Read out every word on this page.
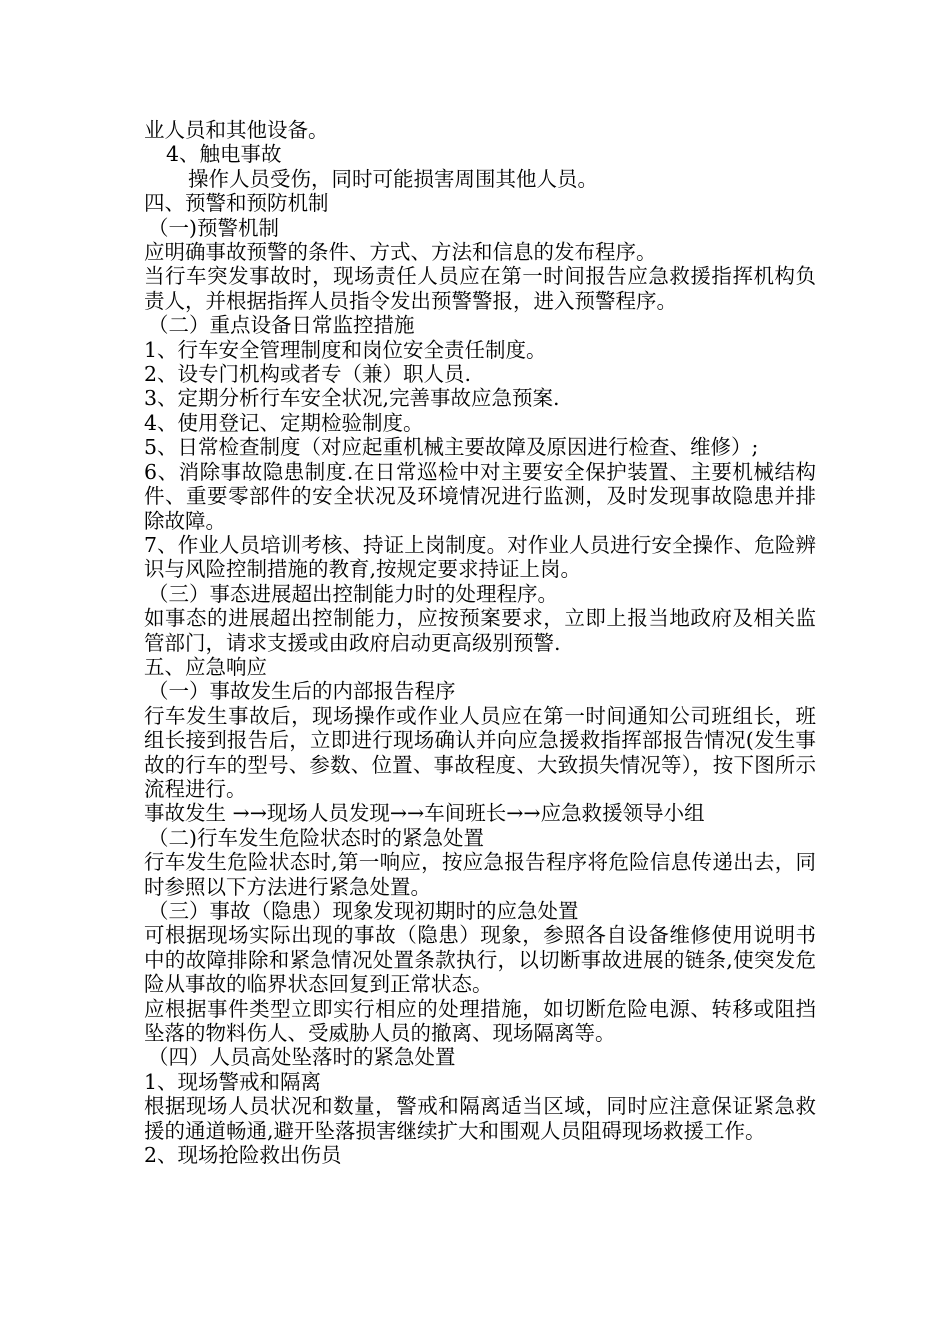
业人员和其他设备。

4、触电事故

操作人员受伤，同时可能损害周围其他人员。

四、预警和预防机制

（一)预警机制

应明确事故预警的条件、方式、方法和信息的发布程序。

当行车突发事故时，现场责任人员应在第一时间报告应急救援指挥机构负责人，并根据指挥人员指令发出预警警报，进入预警程序。

（二）重点设备日常监控措施

1、行车安全管理制度和岗位安全责任制度。

2、设专门机构或者专（兼）职人员.

3、定期分析行车安全状况,完善事故应急预案.

4、使用登记、定期检验制度。

5、日常检查制度（对应起重机械主要故障及原因进行检查、维修）;

6、消除事故隐患制度.在日常巡检中对主要安全保护装置、主要机械结构件、重要零部件的安全状况及环境情况进行监测，及时发现事故隐患并排除故障。

7、作业人员培训考核、持证上岗制度。对作业人员进行安全操作、危险辨识与风险控制措施的教育,按规定要求持证上岗。

（三）事态进展超出控制能力时的处理程序。

如事态的进展超出控制能力，应按预案要求，立即上报当地政府及相关监管部门，请求支援或由政府启动更高级别预警.

五、应急响应

（一）事故发生后的内部报告程序

行车发生事故后，现场操作或作业人员应在第一时间通知公司班组长，班组长接到报告后，立即进行现场确认并向应急援救指挥部报告情况(发生事故的行车的型号、参数、位置、事故程度、大致损失情况等），按下图所示流程进行。

事故发生 →→现场人员发现→→车间班长→→应急救援领导小组

（二)行车发生危险状态时的紧急处置

行车发生危险状态时,第一响应，按应急报告程序将危险信息传递出去，同时参照以下方法进行紧急处置。

（三）事故（隐患）现象发现初期时的应急处置

可根据现场实际出现的事故（隐患）现象，参照各自设备维修使用说明书中的故障排除和紧急情况处置条款执行，以切断事故进展的链条,使突发危险从事故的临界状态回复到正常状态。

应根据事件类型立即实行相应的处理措施，如切断危险电源、转移或阻挡坠落的物料伤人、受威胁人员的撤离、现场隔离等。

（四）人员高处坠落时的紧急处置

1、现场警戒和隔离

根据现场人员状况和数量，警戒和隔离适当区域，同时应注意保证紧急救援的通道畅通,避开坠落损害继续扩大和围观人员阻碍现场救援工作。

2、现场抢险救出伤员
